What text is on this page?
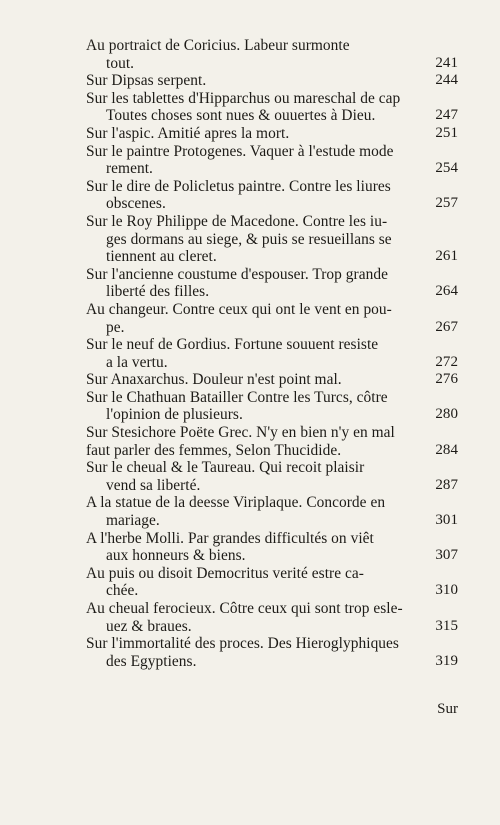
Au portraict de Coricius. Labeur surmonte
tout.	241
Sur Dipsas serpent.	244
Sur les tablettes d'Hipparchus ou mareschal de cap
Toutes choses sont nues & ouuertes à Dieu.	247
Sur l'aspic. Amitié apres la mort.	251
Sur le paintre Protogenes. Vaquer à l'estude mode
rement.	254
Sur le dire de Policletus paintre. Contre les liures
obscenes.	257
Sur le Roy Philippe de Macedone. Contre les iu-
ges dormans au siege, & puis se resueillans se
tiennent au cleret.	261
Sur l'ancienne coustume d'espouser. Trop grande
liberté des filles.	264
Au changeur. Contre ceux qui ont le vent en pou-
pe.	267
Sur le neuf de Gordius. Fortune souuent resiste
a la vertu.	272
Sur Anaxarchus. Douleur n'est point mal.	276
Sur le Chathuan Batailler Contre les Turcs, côtre
l'opinion de plusieurs.	280
Sur Stesichore Poëte Grec. N'y en bien n'y en mal
faut parler des femmes, Selon Thucidide.	284
Sur le cheual & le Taureau. Qui recoit plaisir
vend sa liberté.	287
A la statue de la deesse Viriplaque. Concorde en
mariage.	301
A l'herbe Molli. Par grandes difficultés on viêt
aux honneurs & biens.	307
Au puis ou disoit Democritus verité estre ca-
chée.	310
Au cheual ferocieux. Côtre ceux qui sont trop esle-
uez & braues.	315
Sur l'immortalité des proces. Des Hieroglyphiques
des Egyptiens.	319
Sur
